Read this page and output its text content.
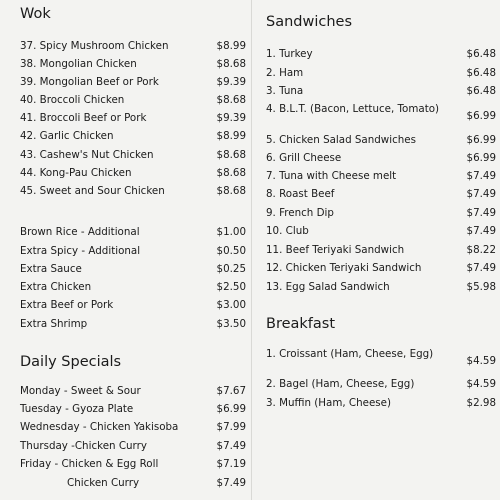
Wok
37. Spicy Mushroom Chicken	$8.99
38. Mongolian Chicken	$8.68
39. Mongolian Beef or Pork	$9.39
40. Broccoli Chicken	$8.68
41. Broccoli Beef or Pork	$9.39
42. Garlic Chicken	$8.99
43. Cashew's Nut Chicken	$8.68
44. Kong-Pau Chicken	$8.68
45. Sweet and Sour Chicken	$8.68
Brown Rice - Additional	$1.00
Extra Spicy - Additional	$0.50
Extra Sauce	$0.25
Extra Chicken	$2.50
Extra Beef or Pork	$3.00
Extra Shrimp	$3.50
Daily Specials
Monday - Sweet & Sour	$7.67
Tuesday - Gyoza Plate	$6.99
Wednesday - Chicken Yakisoba	$7.99
Thursday -Chicken Curry	$7.49
Friday - Chicken & Egg Roll	$7.19
Chicken Curry	$7.49
Sandwiches
1. Turkey	$6.48
2. Ham	$6.48
3. Tuna	$6.48
4. B.L.T. (Bacon, Lettuce, Tomato)
$6.99
5. Chicken Salad Sandwiches	$6.99
6. Grill Cheese	$6.99
7. Tuna with Cheese melt	$7.49
8. Roast Beef	$7.49
9. French Dip	$7.49
10. Club	$7.49
11. Beef Teriyaki Sandwich	$8.22
12. Chicken Teriyaki Sandwich	$7.49
13. Egg Salad Sandwich	$5.98
Breakfast
1. Croissant (Ham, Cheese, Egg)
$4.59
2. Bagel (Ham, Cheese, Egg)	$4.59
3. Muffin (Ham, Cheese)	$2.98
